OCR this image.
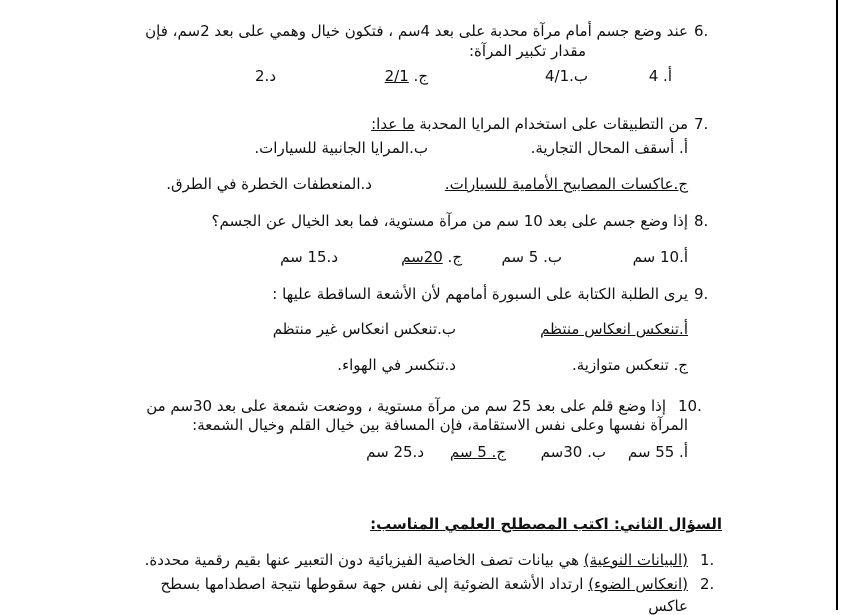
6.
عند وضع جسم أمام مرآة محدبة على بعد 4سم ، فتكون خيال وهمي على بعد 2سم، فإن
مقدار تكبير المرآة:
أ. 4
ب.4/1
ج. 2/1
د.2
7.
من التطبيقات على استخدام المرايا المحدبة ما عدا:
أ. أسقف المحال التجارية.
ب.المرايا الجانبية للسيارات.
ج.عاكسات المصابيح الأمامية للسيارات.
د.المنعطفات الخطرة في الطرق.
8.
إذا وضع جسم على بعد 10 سم من مرآة مستوية، فما بعد الخيال عن الجسم؟
أ.10 سم
ب. 5 سم
ج. 20سم
د.15 سم
9.
يرى الطلبة الكتابة على السبورة أمامهم لأن الأشعة الساقطة عليها :
أ.تنعكس انعكاس منتظم
ب.تنعكس انعكاس غير منتظم
ج. تنعكس متوازية.
د.تنكسر في الهواء.
10.
إذا وضع قلم على بعد 25 سم من مرآة مستوية ، ووضعت شمعة على بعد 30سم من
المرآة نفسها وعلى نفس الاستقامة، فإن المسافة بين خيال القلم وخيال الشمعة:
أ. 55 سم
ب. 30سم
ج. 5 سم
د.25 سم
السؤال الثاني: اكتب المصطلح العلمي المناسب:
1.
(البيانات النوعية) هي بيانات تصف الخاصية الفيزيائية دون التعبير عنها بقيم رقمية محددة.
2.
(انعكاس الضوء) ارتداد الأشعة الضوئية إلى نفس جهة سقوطها نتيجة اصطدامها بسطح
عاكس
